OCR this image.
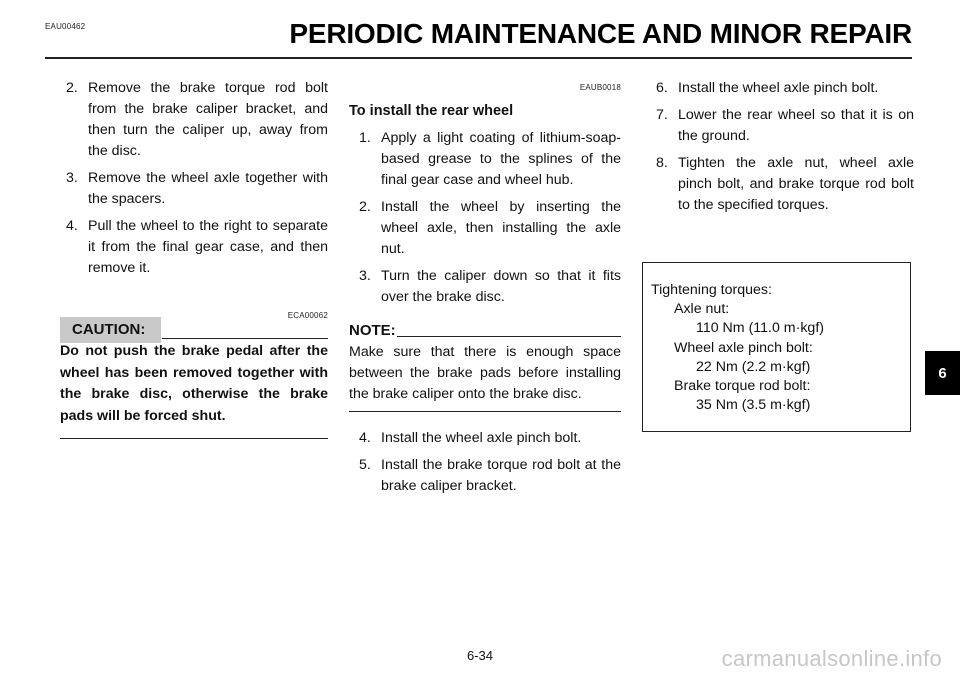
EAU00462	PERIODIC MAINTENANCE AND MINOR REPAIR
2. Remove the brake torque rod bolt from the brake caliper bracket, and then turn the caliper up, away from the disc.
3. Remove the wheel axle together with the spacers.
4. Pull the wheel to the right to separate it from the final gear case, and then remove it.
ECA00062
CAUTION:
Do not push the brake pedal after the wheel has been removed together with the brake disc, otherwise the brake pads will be forced shut.
EAUB0018
To install the rear wheel
1. Apply a light coating of lithium-soap-based grease to the splines of the final gear case and wheel hub.
2. Install the wheel by inserting the wheel axle, then installing the axle nut.
3. Turn the caliper down so that it fits over the brake disc.
NOTE:
Make sure that there is enough space between the brake pads before installing the brake caliper onto the brake disc.
4. Install the wheel axle pinch bolt.
5. Install the brake torque rod bolt at the brake caliper bracket.
6. Install the wheel axle pinch bolt.
7. Lower the rear wheel so that it is on the ground.
8. Tighten the axle nut, wheel axle pinch bolt, and brake torque rod bolt to the specified torques.
Tightening torques:
Axle nut:
110 Nm (11.0 m·kgf)
Wheel axle pinch bolt:
22 Nm (2.2 m·kgf)
Brake torque rod bolt:
35 Nm (3.5 m·kgf)
6
6-34	carmanualsonline.info
